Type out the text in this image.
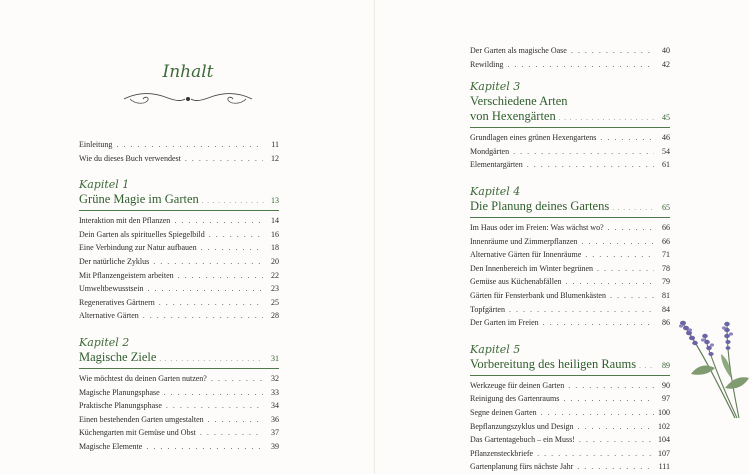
Inhalt
Einleitung . . .	11
Wie du dieses Buch verwendest . . .	12
Kapitel 1
Grüne Magie im Garten . . .	13
Interaktion mit den Pflanzen . . .	14
Dein Garten als spirituelles Spiegelbild . . .	16
Eine Verbindung zur Natur aufbauen . . .	18
Der natürliche Zyklus . . .	20
Mit Pflanzengeistern arbeiten . . .	22
Umweltbewusstsein . . .	23
Regeneratives Gärtnern . . .	25
Alternative Gärten . . .	28
Kapitel 2
Magische Ziele . . .	31
Wie möchtest du deinen Garten nutzen? . . .	32
Magische Planungsphase . . .	33
Praktische Planungsphase . . .	34
Einen bestehenden Garten umgestalten . . .	36
Küchengarten mit Gemüse und Obst . . .	37
Magische Elemente . . .	39
Der Garten als magische Oase . . .	40
Rewilding . . .	42
Kapitel 3
Verschiedene Arten
von Hexengärten . . .	45
Grundlagen eines grünen Hexengartens . . .	46
Mondgärten . . .	54
Elementargärten . . .	61
Kapitel 4
Die Planung deines Gartens . . .	65
Im Haus oder im Freien: Was wächst wo? . . .	66
Innenräume und Zimmerpflanzen . . .	66
Alternative Gärten für Innenräume . . .	71
Den Innenbereich im Winter begrünen . . .	78
Gemüse aus Küchenabfällen . . .	79
Gärten für Fensterbank und Blumenkästen . . .	81
Topfgärten . . .	84
Der Garten im Freien . . .	86
Kapitel 5
Vorbereitung des heiligen Raums . . .	89
Werkzeuge für deinen Garten . . .	90
Reinigung des Gartenraums . . .	97
Segne deinen Garten . . .	100
Bepflanzungszyklus und Design . . .	102
Das Gartentagebuch – ein Muss! . . .	104
Pflanzensteckbriefe . . .	107
Gartenplanung fürs nächste Jahr . . .	111
